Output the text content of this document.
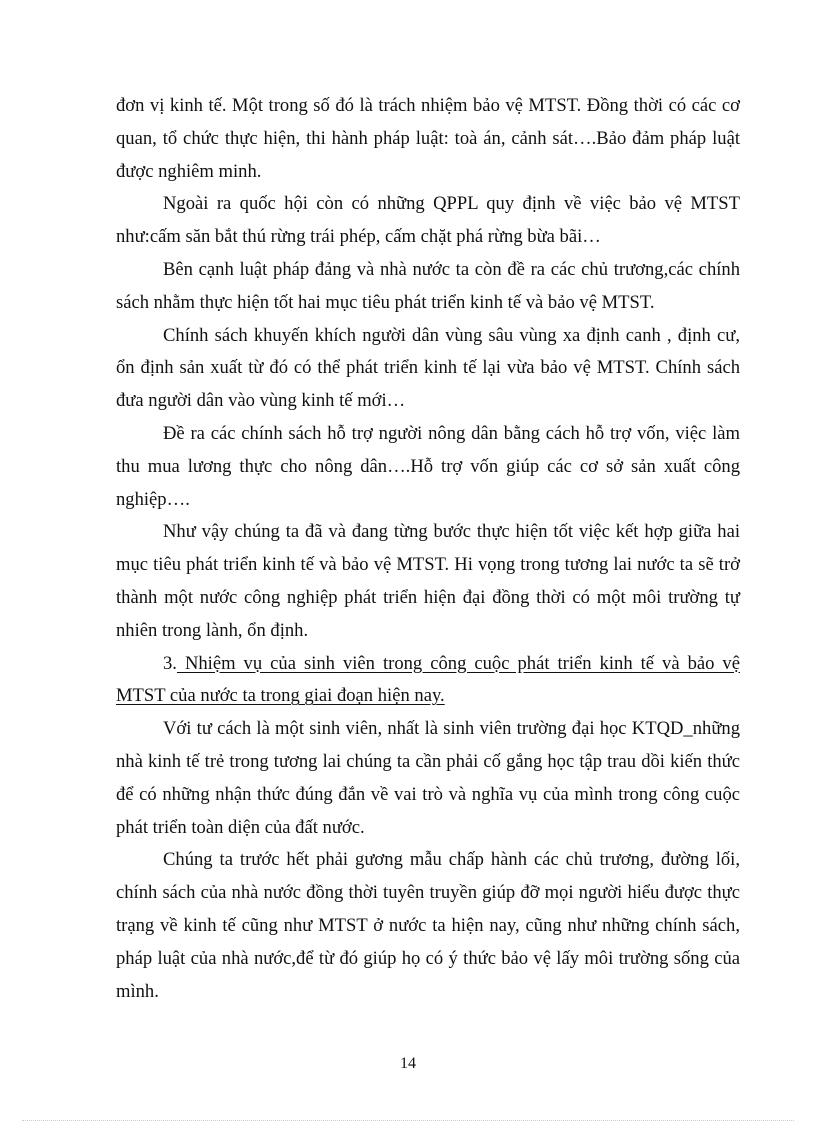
đơn vị kinh tế. Một trong số đó là trách nhiệm bảo vệ MTST. Đồng thời có các cơ quan, tổ chức thực hiện, thi hành pháp luật: toà án, cảnh sát….Bảo đảm pháp luật được nghiêm minh.

Ngoài ra quốc hội còn có những QPPL quy định về việc bảo vệ MTST như:cấm săn bắt thú rừng trái phép, cấm chặt phá rừng bừa bãi…

Bên cạnh luật pháp đảng và nhà nước ta còn đề ra các chủ trương,các chính sách nhằm thực hiện tốt hai mục tiêu phát triển kinh tế và bảo vệ MTST.

Chính sách khuyến khích người dân vùng sâu vùng xa định canh , định cư, ổn định sản xuất từ đó có thể phát triển kinh tế lại vừa bảo vệ MTST. Chính sách đưa người dân vào vùng kinh tế mới…

Đề ra các chính sách hỗ trợ người nông dân bằng cách hỗ trợ vốn, việc làm thu mua lương thực cho nông dân….Hỗ trợ vốn giúp các cơ sở sản xuất công nghiệp….

Như vậy chúng ta đã và đang từng bước thực hiện tốt việc kết hợp giữa hai mục tiêu phát triển kinh tế và bảo vệ MTST. Hi vọng trong tương lai nước ta sẽ trở thành một nước công nghiệp phát triển hiện đại đồng thời có một môi trường tự nhiên trong lành, ổn định.

3. Nhiệm vụ của sinh viên trong công cuộc phát triển kinh tế và bảo vệ MTST của nước ta trong giai đoạn hiện nay.

Với tư cách là một sinh viên, nhất là sinh viên trường đại học KTQD_những nhà kinh tế trẻ trong tương lai chúng ta cần phải cố gắng học tập trau dồi kiến thức để có những nhận thức đúng đắn về vai trò và nghĩa vụ của mình trong công cuộc phát triển toàn diện của đất nước.

Chúng ta trước hết phải gương mẫu chấp hành các chủ trương, đường lối, chính sách của nhà nước đồng thời tuyên truyền giúp đỡ mọi người hiểu được thực trạng về kinh tế cũng như MTST ở nước ta hiện nay, cũng như những chính sách, pháp luật của nhà nước,để từ đó giúp họ có ý thức bảo vệ lấy môi trường sống của mình.

14
